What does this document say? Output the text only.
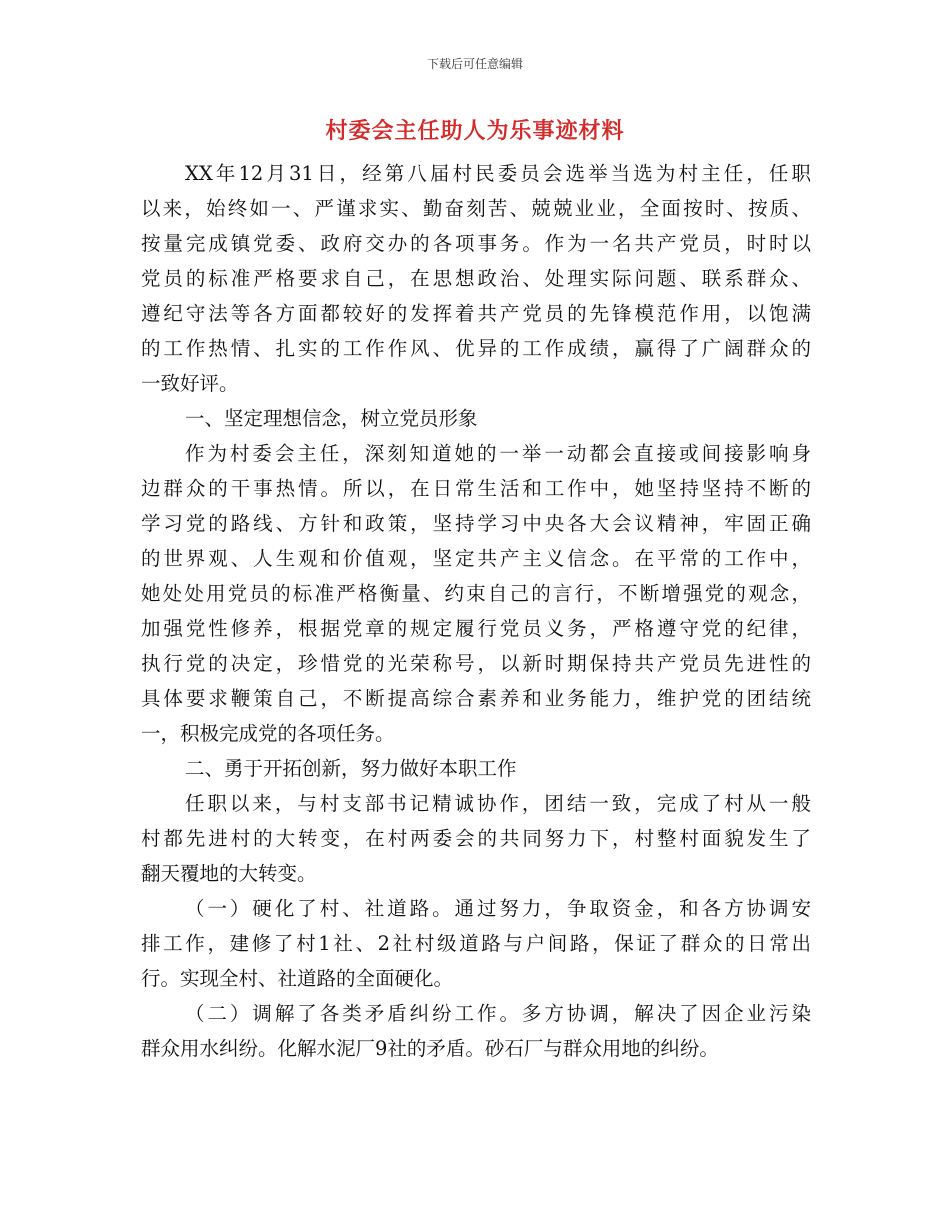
下载后可任意编辑
村委会主任助人为乐事迹材料
XX年12月31日，经第八届村民委员会选举当选为村主任，任职
以来，始终如一、严谨求实、勤奋刻苦、兢兢业业，全面按时、按质、
按量完成镇党委、政府交办的各项事务。作为一名共产党员，时时以
党员的标准严格要求自己，在思想政治、处理实际问题、联系群众、
遵纪守法等各方面都较好的发挥着共产党员的先锋模范作用，以饱满
的工作热情、扎实的工作作风、优异的工作成绩，赢得了广阔群众的
一致好评。
一、坚定理想信念，树立党员形象
作为村委会主任，深刻知道她的一举一动都会直接或间接影响身
边群众的干事热情。所以，在日常生活和工作中，她坚持坚持不断的
学习党的路线、方针和政策，坚持学习中央各大会议精神，牢固正确
的世界观、人生观和价值观，坚定共产主义信念。在平常的工作中，
她处处用党员的标准严格衡量、约束自己的言行，不断增强党的观念，
加强党性修养，根据党章的规定履行党员义务，严格遵守党的纪律，
执行党的决定，珍惜党的光荣称号，以新时期保持共产党员先进性的
具体要求鞭策自己，不断提高综合素养和业务能力，维护党的团结统
一，积极完成党的各项任务。
二、勇于开拓创新，努力做好本职工作
任职以来，与村支部书记精诚协作，团结一致，完成了村从一般
村都先进村的大转变，在村两委会的共同努力下，村整村面貌发生了
翻天覆地的大转变。
（一）硬化了村、社道路。通过努力，争取资金，和各方协调安
排工作，建修了村1社、2社村级道路与户间路，保证了群众的日常出
行。实现全村、社道路的全面硬化。
（二）调解了各类矛盾纠纷工作。多方协调，解决了因企业污染
群众用水纠纷。化解水泥厂9社的矛盾。砂石厂与群众用地的纠纷。
